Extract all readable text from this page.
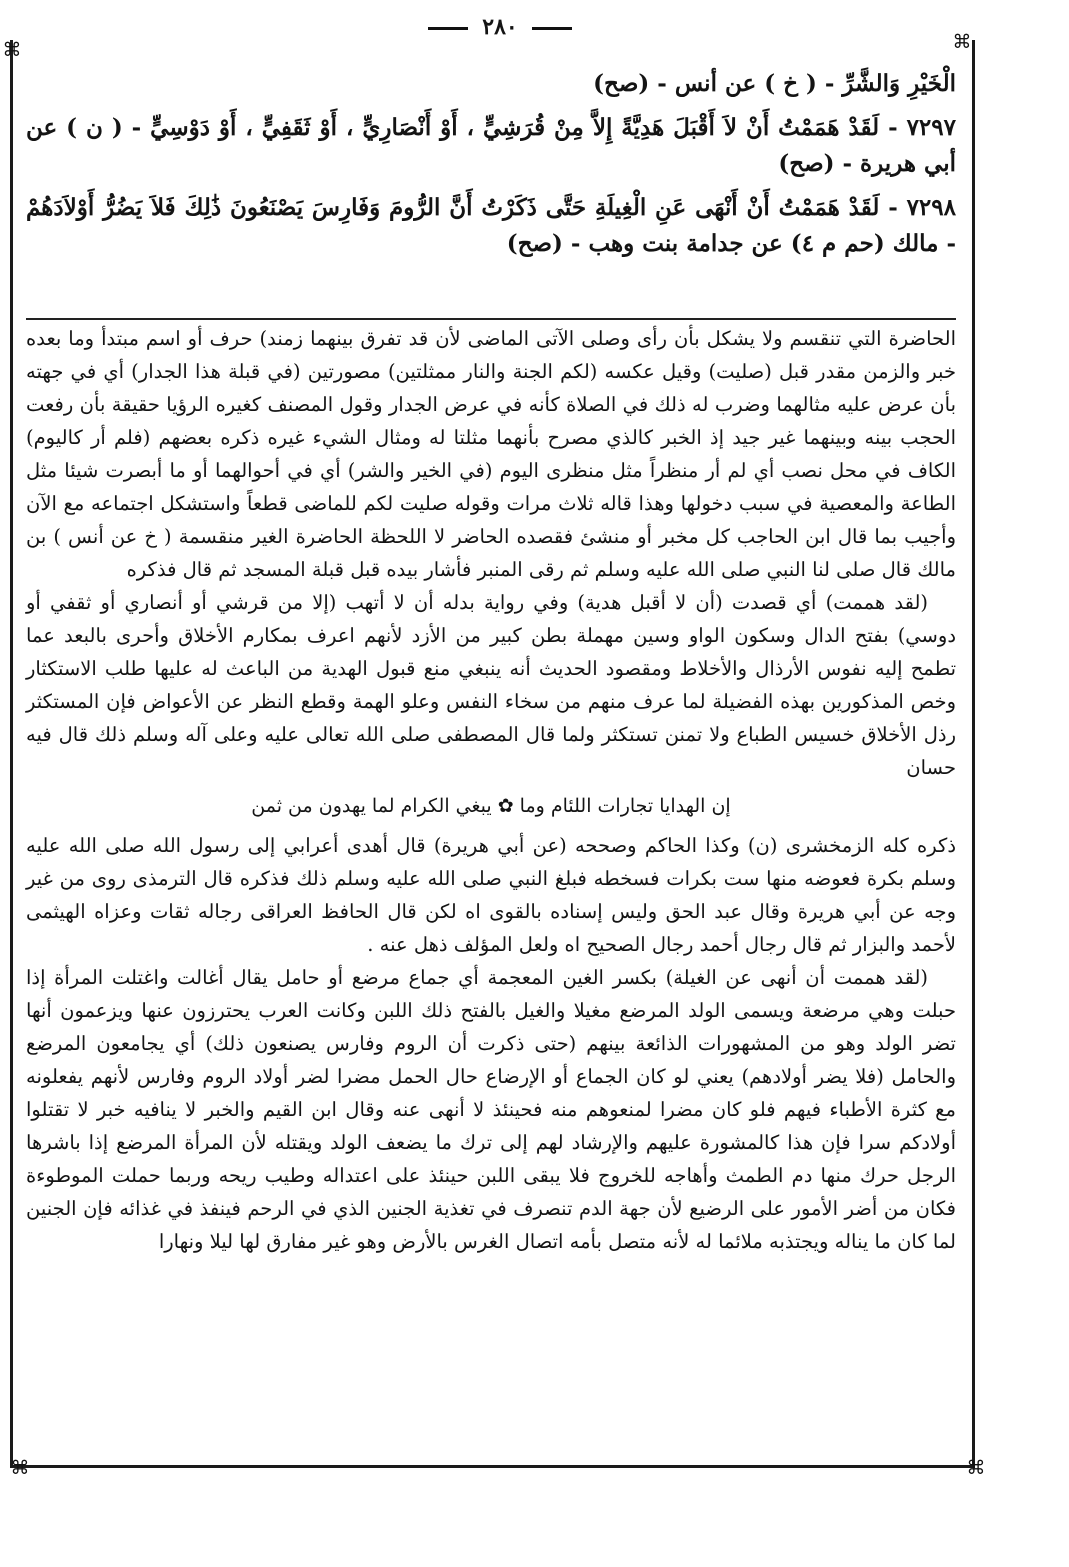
⌘	⌘
⌘	⌘
٢٨٠

الْخَيْرِ وَالشَّرِّ - ( خ ) عن أنس - (صح)

٧٢٩٧ - لَقَدْ هَمَمْتُ أَنْ لاَ أَقْبَلَ هَدِيَّةً إِلاَّ مِنْ قُرَشِيٍّ ، أَوْ أَنْصَارِيٍّ ، أَوْ ثَقَفِيٍّ ، أَوْ دَوْسِيٍّ - ( ن ) عن أبي هريرة - (صح)

٧٢٩٨ - لَقَدْ هَمَمْتُ أَنْ أَنْهَى عَنِ الْغِيلَةِ حَتَّى ذَكَرْتُ أَنَّ الرُّومَ وَفَارِسَ يَصْنَعُونَ ذَٰلِكَ فَلاَ يَضُرُّ أَوْلاَدَهُمْ - مالك (حم م ٤) عن جدامة بنت وهب - (صح)

الحاضرة التي تنقسم ولا يشكل بأن رأى وصلى الآتى الماضى لأن قد تفرق بينهما زمند) حرف أو اسم مبتدأ وما بعده خبر والزمن مقدر قبل (صليت) وقيل عكسه (لكم الجنة والنار ممثلتين) مصورتين (في قبلة هذا الجدار) أي في جهته بأن عرض عليه مثالهما وضرب له ذلك في الصلاة كأنه في عرض الجدار وقول المصنف كغيره الرؤيا حقيقة بأن رفعت الحجب بينه وبينهما غير جيد إذ الخبر كالذي مصرح بأنهما مثلتا له ومثال الشيء غيره ذكره بعضهم (فلم أر كاليوم) الكاف في محل نصب أي لم أر منظراً مثل منظرى اليوم (في الخير والشر) أي في أحوالهما أو ما أبصرت شيئا مثل الطاعة والمعصية في سبب دخولها وهذا قاله ثلاث مرات وقوله صليت لكم للماضى قطعاً واستشكل اجتماعه مع الآن وأجيب بما قال ابن الحاجب كل مخبر أو منشئ فقصده الحاضر لا اللحظة الحاضرة الغير منقسمة ( خ عن أنس ) بن مالك قال صلى لنا النبي صلى الله عليه وسلم ثم رقى المنبر فأشار بيده قبل قبلة المسجد ثم قال فذكره

(لقد هممت) أي قصدت (أن لا أقبل هدية) وفي رواية بدله أن لا أتهب (إلا من قرشي أو أنصاري أو ثقفي أو دوسي) بفتح الدال وسكون الواو وسين مهملة بطن كبير من الأزد لأنهم اعرف بمكارم الأخلاق وأحرى بالبعد عما تطمح إليه نفوس الأرذال والأخلاط ومقصود الحديث أنه ينبغي منع قبول الهدية من الباعث له عليها طلب الاستكثار وخص المذكورين بهذه الفضيلة لما عرف منهم من سخاء النفس وعلو الهمة وقطع النظر عن الأعواض فإن المستكثر رذل الأخلاق خسيس الطباع ولا تمنن تستكثر ولما قال المصطفى صلى الله تعالى عليه وعلى آله وسلم ذلك قال فيه حسان

إن الهدايا تجارات اللئام وما ✿ يبغي الكرام لما يهدون من ثمن

ذكره كله الزمخشرى (ن) وكذا الحاكم وصححه (عن أبي هريرة) قال أهدى أعرابي إلى رسول الله صلى الله عليه وسلم بكرة فعوضه منها ست بكرات فسخطه فبلغ النبي صلى الله عليه وسلم ذلك فذكره قال الترمذى روى من غير وجه عن أبي هريرة وقال عبد الحق وليس إسناده بالقوى اه لكن قال الحافظ العراقى رجاله ثقات وعزاه الهيثمى لأحمد والبزار ثم قال رجال أحمد رجال الصحيح اه ولعل المؤلف ذهل عنه .

(لقد هممت أن أنهى عن الغيلة) بكسر الغين المعجمة أي جماع مرضع أو حامل يقال أغالت واغتلت المرأة إذا حبلت وهي مرضعة ويسمى الولد المرضع مغيلا والغيل بالفتح ذلك اللبن وكانت العرب يحترزون عنها ويزعمون أنها تضر الولد وهو من المشهورات الذائعة بينهم (حتى ذكرت أن الروم وفارس يصنعون ذلك) أي يجامعون المرضع والحامل (فلا يضر أولادهم) يعني لو كان الجماع أو الإرضاع حال الحمل مضرا لضر أولاد الروم وفارس لأنهم يفعلونه مع كثرة الأطباء فيهم فلو كان مضرا لمنعوهم منه فحينئذ لا أنهى عنه وقال ابن القيم والخبر لا ينافيه خبر لا تقتلوا أولادكم سرا فإن هذا كالمشورة عليهم والإرشاد لهم إلى ترك ما يضعف الولد ويقتله لأن المرأة المرضع إذا باشرها الرجل حرك منها دم الطمث وأهاجه للخروج فلا يبقى اللبن حينئذ على اعتداله وطيب ريحه وربما حملت الموطوءة فكان من أضر الأمور على الرضيع لأن جهة الدم تنصرف في تغذية الجنين الذي في الرحم فينفذ في غذائه فإن الجنين لما كان ما يناله ويجتذبه ملائما له لأنه متصل بأمه اتصال الغرس بالأرض وهو غير مفارق لها ليلا ونهارا
